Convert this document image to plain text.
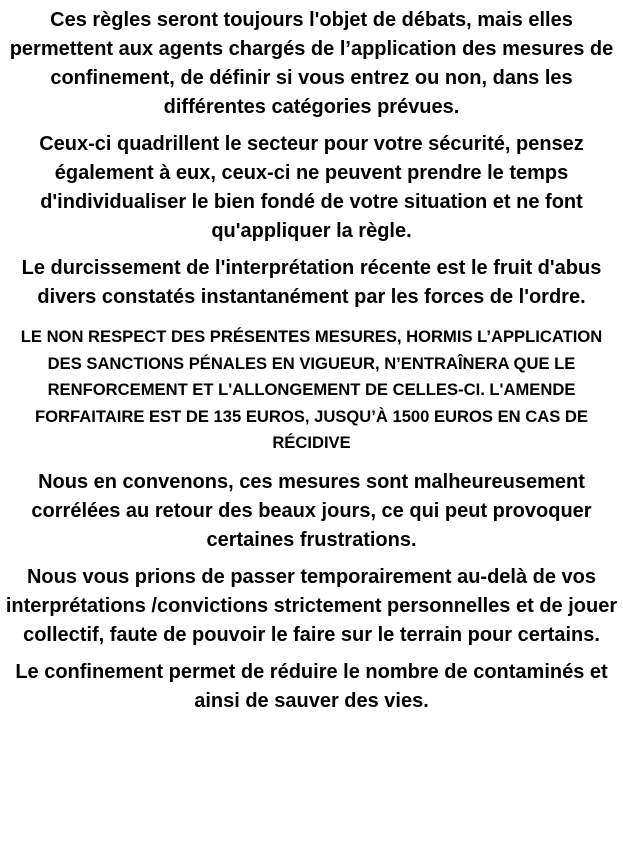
Ces règles seront toujours l'objet de débats, mais elles permettent aux agents chargés de l’application des mesures de confinement, de définir si vous entrez ou non, dans les différentes catégories prévues.

Ceux-ci quadrillent le secteur pour votre sécurité, pensez également à eux, ceux-ci ne peuvent prendre le temps d'individualiser le bien fondé de votre situation et ne font qu'appliquer la règle.

Le durcissement de l'interprétation récente est le fruit d'abus divers constatés instantanément par les forces de l'ordre.

LE NON RESPECT DES PRÉSENTES MESURES, HORMIS L’APPLICATION DES SANCTIONS PÉNALES EN VIGUEUR, N’ENTRAÎNERA QUE LE RENFORCEMENT ET L'ALLONGEMENT DE CELLES-CI. L'AMENDE FORFAITAIRE EST DE 135 EUROS, JUSQU’À 1500 EUROS EN CAS DE RÉCIDIVE

Nous en convenons, ces mesures sont malheureusement corrélées au retour des beaux jours, ce qui peut provoquer certaines frustrations.

Nous vous prions de passer temporairement au-delà de vos interprétations /convictions strictement personnelles et de jouer collectif, faute de pouvoir le faire sur le terrain pour certains.

Le confinement permet de réduire le nombre de contaminés et ainsi de sauver des vies.
